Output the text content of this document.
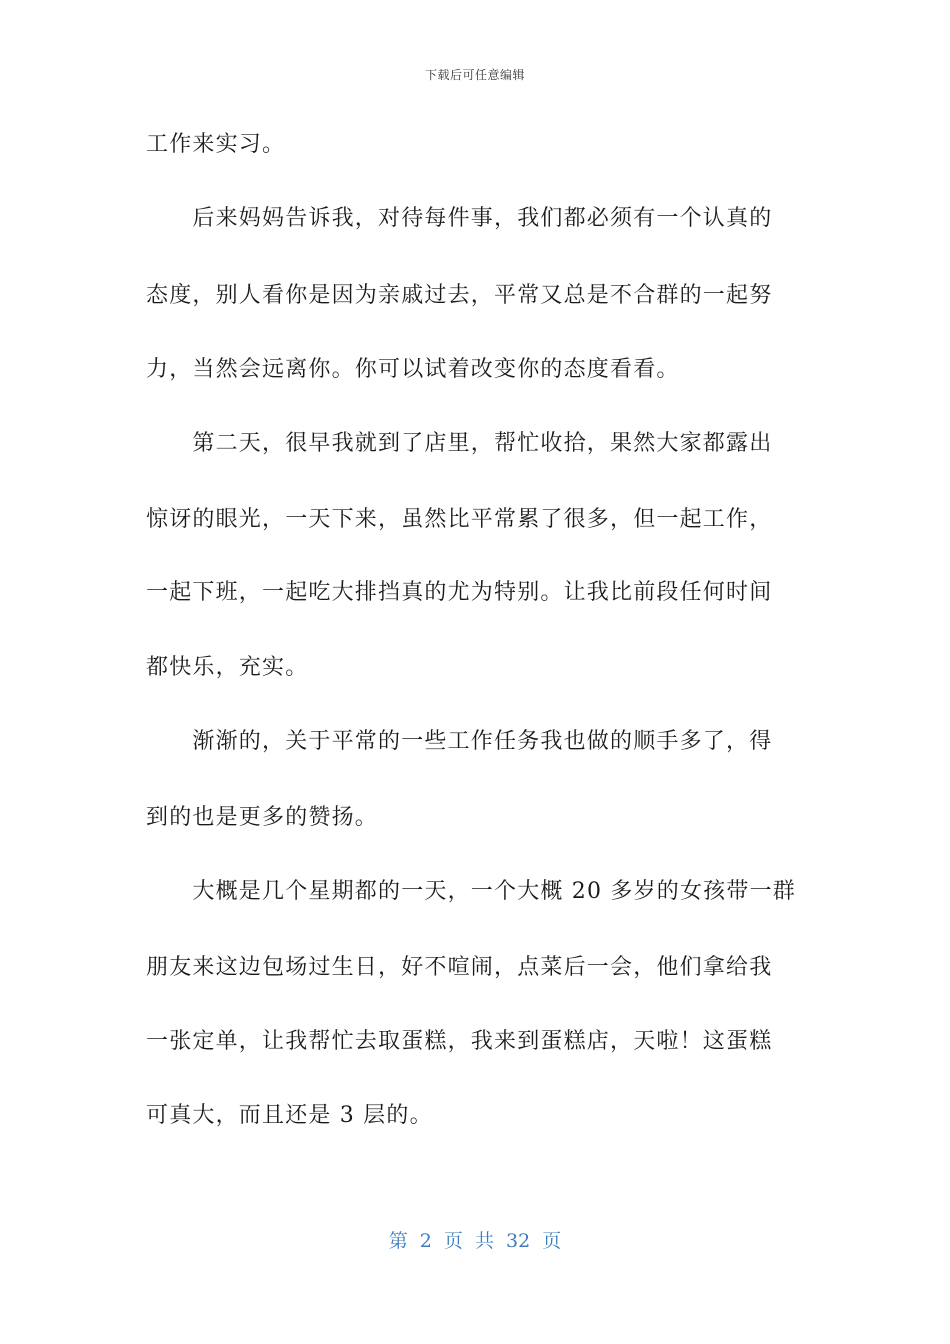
下载后可任意编辑
工作来实习。
　　后来妈妈告诉我，对待每件事，我们都必须有一个认真的
态度，别人看你是因为亲戚过去，平常又总是不合群的一起努
力，当然会远离你。你可以试着改变你的态度看看。
　　第二天，很早我就到了店里，帮忙收拾，果然大家都露出
惊讶的眼光，一天下来，虽然比平常累了很多，但一起工作，
一起下班，一起吃大排挡真的尤为特别。让我比前段任何时间
都快乐，充实。
　　渐渐的，关于平常的一些工作任务我也做的顺手多了，得
到的也是更多的赞扬。
　　大概是几个星期都的一天，一个大概 20 多岁的女孩带一群
朋友来这边包场过生日，好不喧闹，点菜后一会，他们拿给我
一张定单，让我帮忙去取蛋糕，我来到蛋糕店，天啦！这蛋糕
可真大，而且还是 3 层的。
第 2 页 共 32 页
